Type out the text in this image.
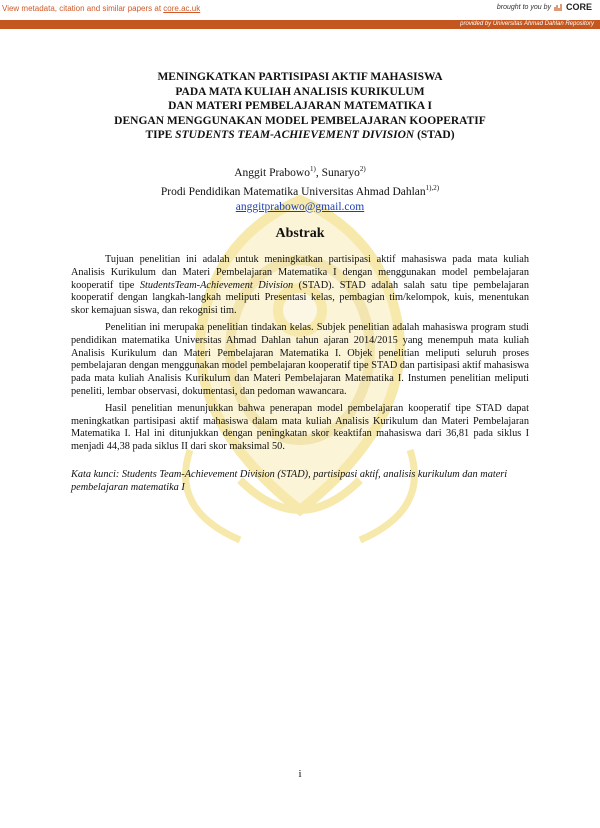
View metadata, citation and similar papers at core.ac.uk	brought to you by CORE
provided by Universitas Ahmad Dahlan Repository
MENINGKATKAN PARTISIPASI AKTIF MAHASISWA
PADA MATA KULIAH ANALISIS KURIKULUM
DAN MATERI PEMBELAJARAN MATEMATIKA I
DENGAN MENGGUNAKAN MODEL PEMBELAJARAN KOOPERATIF
TIPE STUDENTS TEAM-ACHIEVEMENT DIVISION (STAD)
Anggit Prabowo$^{1)}$, Sunaryo$^{2)}$
Prodi Pendidikan Matematika Universitas Ahmad Dahlan$^{1),2)}$
anggitprabowo@gmail.com
Abstrak

Tujuan penelitian ini adalah untuk meningkatkan partisipasi aktif mahasiswa pada mata kuliah Analisis Kurikulum dan Materi Pembelajaran Matematika I dengan menggunakan model pembelajaran kooperatif tipe StudentsTeam-Achievement Division (STAD). STAD adalah salah satu tipe pembelajaran kooperatif dengan langkah-langkah meliputi Presentasi kelas, pembagian tim/kelompok, kuis, menentukan skor kemajuan siswa, dan rekognisi tim.

Penelitian ini merupaka penelitian tindakan kelas. Subjek penelitian adalah mahasiswa program studi pendidikan matematika Universitas Ahmad Dahlan tahun ajaran 2014/2015 yang menempuh mata kuliah Analisis Kurikulum dan Materi Pembelajaran Matematika I. Objek penelitian meliputi seluruh proses pembelajaran dengan menggunakan model pembelajaran kooperatif tipe STAD dan partisipasi aktif mahasiswa pada mata kuliah Analisis Kurikulum dan Materi Pembelajaran Matematika I. Instumen penelitian meliputi peneliti, lembar observasi, dokumentasi, dan pedoman wawancara.

Hasil penelitian menunjukkan bahwa penerapan model pembelajaran kooperatif tipe STAD dapat meningkatkan partisipasi aktif mahasiswa dalam mata kuliah Analisis Kurikulum dan Materi Pembelajaran Matematika I. Hal ini ditunjukkan dengan peningkatan skor keaktifan mahasiswa dari 36,81 pada siklus I menjadi 44,38 pada siklus II dari skor maksimal 50.

Kata kunci: Students Team-Achievement Division (STAD), partisipasi aktif, analisis kurikulum dan materi pembelajaran matematika I
i
